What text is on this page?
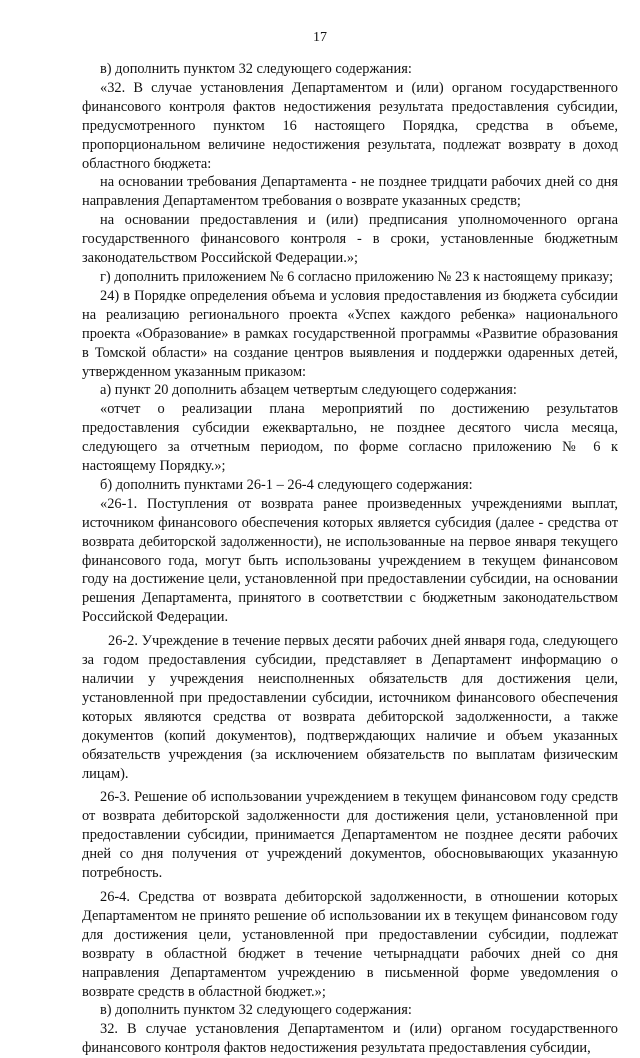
17

в) дополнить пунктом 32 следующего содержания:

«32. В случае установления Департаментом и (или) органом государственного финансового контроля фактов недостижения результата предоставления субсидии, предусмотренного пунктом 16 настоящего Порядка, средства в объеме, пропорциональном величине недостижения результата, подлежат возврату в доход областного бюджета:

на основании требования Департамента - не позднее тридцати рабочих дней со дня направления Департаментом требования о возврате указанных средств;

на основании предоставления и (или) предписания уполномоченного органа государственного финансового контроля - в сроки, установленные бюджетным законодательством Российской Федерации.»;

г) дополнить приложением № 6 согласно приложению № 23 к настоящему приказу;

24) в Порядке определения объема и условия предоставления из бюджета субсидии на реализацию регионального проекта «Успех каждого ребенка» национального проекта «Образование» в рамках государственной программы «Развитие образования в Томской области» на создание центров выявления и поддержки одаренных детей, утвержденном указанным приказом:

а) пункт 20 дополнить абзацем четвертым следующего содержания:

«отчет о реализации плана мероприятий по достижению результатов предоставления субсидии ежеквартально, не позднее десятого числа месяца, следующего за отчетным периодом, по форме согласно приложению № 6 к настоящему Порядку.»;

б) дополнить пунктами 26-1 – 26-4 следующего содержания:

«26-1. Поступления от возврата ранее произведенных учреждениями выплат, источником финансового обеспечения которых является субсидия (далее - средства от возврата дебиторской задолженности), не использованные на первое января текущего финансового года, могут быть использованы учреждением в текущем финансовом году на достижение цели, установленной при предоставлении субсидии, на основании решения Департамента, принятого в соответствии с бюджетным законодательством Российской Федерации.

26-2. Учреждение в течение первых десяти рабочих дней января года, следующего за годом предоставления субсидии, представляет в Департамент информацию о наличии у учреждения неисполненных обязательств для достижения цели, установленной при предоставлении субсидии, источником финансового обеспечения которых являются средства от возврата дебиторской задолженности, а также документов (копий документов), подтверждающих наличие и объем указанных обязательств учреждения (за исключением обязательств по выплатам физическим лицам).

26-3. Решение об использовании учреждением в текущем финансовом году средств от возврата дебиторской задолженности для достижения цели, установленной при предоставлении субсидии, принимается Департаментом не позднее десяти рабочих дней со дня получения от учреждений документов, обосновывающих указанную потребность.

26-4. Средства от возврата дебиторской задолженности, в отношении которых Департаментом не принято решение об использовании их в текущем финансовом году для достижения цели, установленной при предоставлении субсидии, подлежат возврату в областной бюджет в течение четырнадцати рабочих дней со дня направления Департаментом учреждению в письменной форме уведомления о возврате средств в областной бюджет.»;

в) дополнить пунктом 32 следующего содержания:

32. В случае установления Департаментом и (или) органом государственного финансового контроля фактов недостижения результата предоставления субсидии,
